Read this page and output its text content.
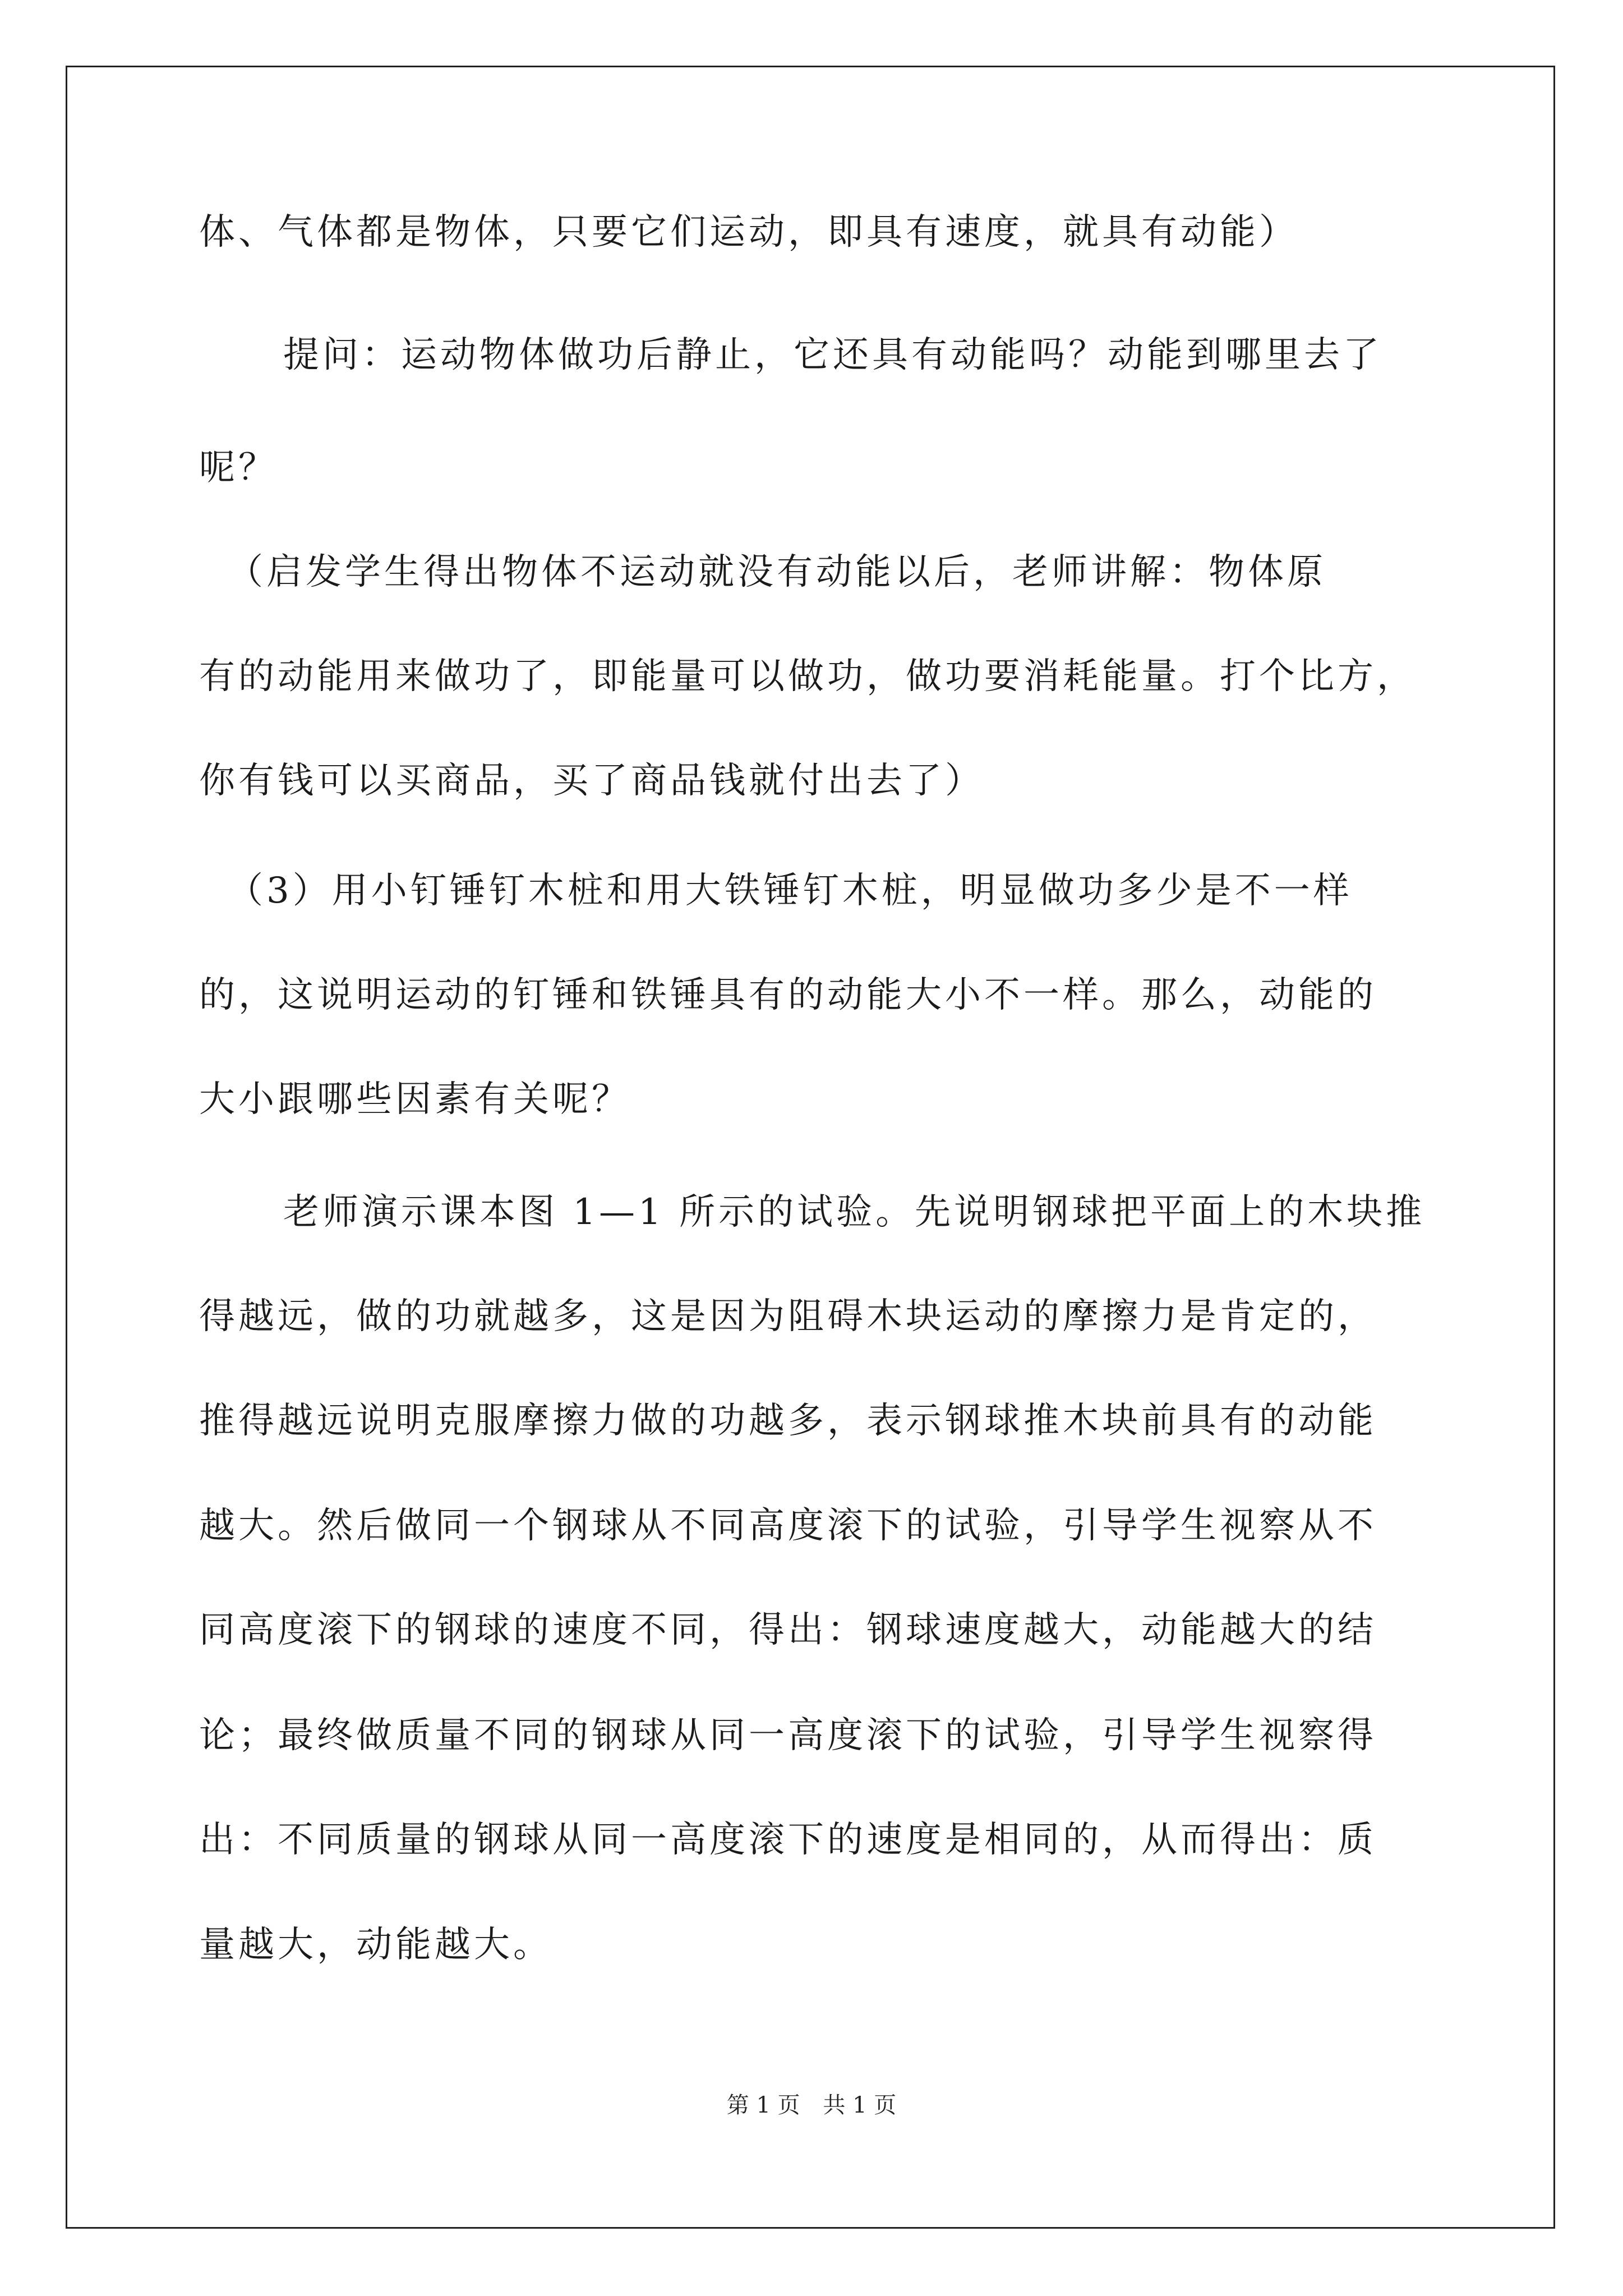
体、气体都是物体，只要它们运动，即具有速度，就具有动能）
提问：运动物体做功后静止，它还具有动能吗？动能到哪里去了
呢？
（启发学生得出物体不运动就没有动能以后，老师讲解：物体原
有的动能用来做功了，即能量可以做功，做功要消耗能量。打个比方，
你有钱可以买商品，买了商品钱就付出去了）
（3）用小钉锤钉木桩和用大铁锤钉木桩，明显做功多少是不一样
的，这说明运动的钉锤和铁锤具有的动能大小不一样。那么，动能的
大小跟哪些因素有关呢？
老师演示课本图 1—1 所示的试验。先说明钢球把平面上的木块推
得越远，做的功就越多，这是因为阻碍木块运动的摩擦力是肯定的，
推得越远说明克服摩擦力做的功越多，表示钢球推木块前具有的动能
越大。然后做同一个钢球从不同高度滚下的试验，引导学生视察从不
同高度滚下的钢球的速度不同，得出：钢球速度越大，动能越大的结
论；最终做质量不同的钢球从同一高度滚下的试验，引导学生视察得
出：不同质量的钢球从同一高度滚下的速度是相同的，从而得出：质
量越大，动能越大。
第 1 页 共 1 页
